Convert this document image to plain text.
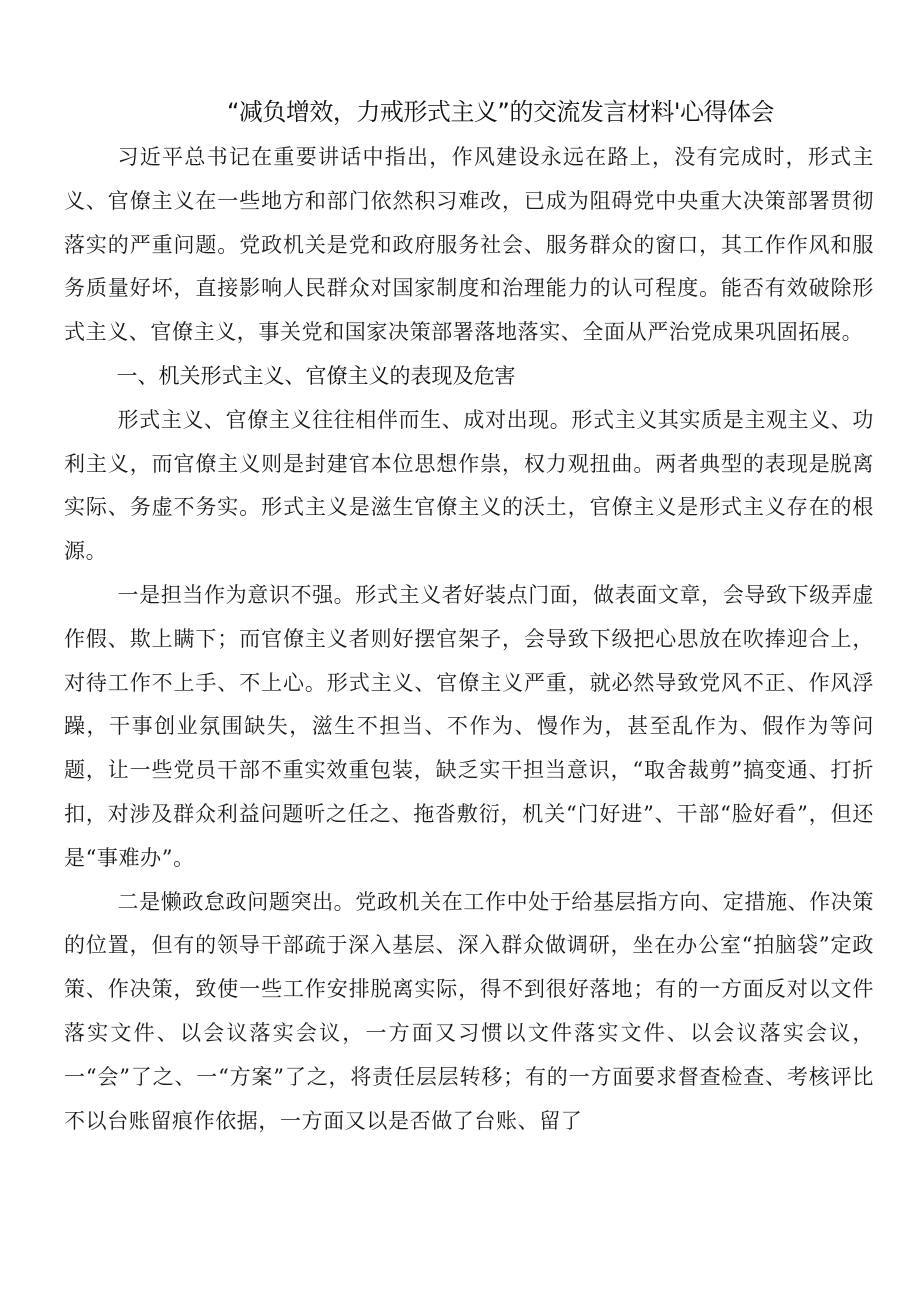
“减负增效，力戒形式主义”的交流发言材料'心得体会

习近平总书记在重要讲话中指出，作风建设永远在路上，没有完成时，形式主义、官僚主义在一些地方和部门依然积习难改，已成为阻碍党中央重大决策部署贯彻落实的严重问题。党政机关是党和政府服务社会、服务群众的窗口，其工作作风和服务质量好坏，直接影响人民群众对国家制度和治理能力的认可程度。能否有效破除形式主义、官僚主义，事关党和国家决策部署落地落实、全面从严治党成果巩固拓展。

一、机关形式主义、官僚主义的表现及危害

形式主义、官僚主义往往相伴而生、成对出现。形式主义其实质是主观主义、功利主义，而官僚主义则是封建官本位思想作祟，权力观扭曲。两者典型的表现是脱离实际、务虚不务实。形式主义是滋生官僚主义的沃土，官僚主义是形式主义存在的根源。

一是担当作为意识不强。形式主义者好装点门面，做表面文章，会导致下级弄虚作假、欺上瞒下；而官僚主义者则好摆官架子，会导致下级把心思放在吹捧迎合上，对待工作不上手、不上心。形式主义、官僚主义严重，就必然导致党风不正、作风浮躁，干事创业氛围缺失，滋生不担当、不作为、慢作为，甚至乱作为、假作为等问题，让一些党员干部不重实效重包装，缺乏实干担当意识，“取舍裁剪”搞变通、打折扣，对涉及群众利益问题听之任之、拖沓敷衍，机关“门好进”、干部“脸好看”，但还是“事难办”。

二是懒政怠政问题突出。党政机关在工作中处于给基层指方向、定措施、作决策的位置，但有的领导干部疏于深入基层、深入群众做调研，坐在办公室“拍脑袋”定政策、作决策，致使一些工作安排脱离实际，得不到很好落地；有的一方面反对以文件落实文件、以会议落实会议，一方面又习惯以文件落实文件、以会议落实会议，一“会”了之、一“方案”了之，将责任层层转移；有的一方面要求督查检查、考核评比不以台账留痕作依据，一方面又以是否做了台账、留了
